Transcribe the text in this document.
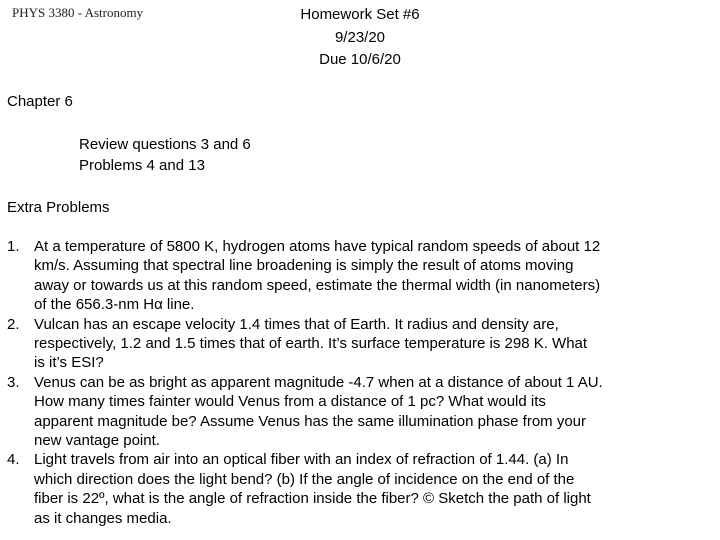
PHYS 3380 - Astronomy	Homework Set #6
9/23/20
Due 10/6/20
Chapter 6
Review questions 3 and 6
Problems 4 and 13
Extra Problems
1. At a temperature of 5800 K, hydrogen atoms have typical random speeds of about 12
km/s. Assuming that spectral line broadening is simply the result of atoms moving
away or towards us at this random speed, estimate the thermal width (in nanometers)
of the 656.3-nm Hα line.
2. Vulcan has an escape velocity 1.4 times that of Earth. It radius and density are,
respectively, 1.2 and 1.5 times that of earth. It’s surface temperature is 298 K. What
is it’s ESI?
3. Venus can be as bright as apparent magnitude -4.7 when at a distance of about 1 AU.
How many times fainter would Venus from a distance of 1 pc? What would its
apparent magnitude be? Assume Venus has the same illumination phase from your
new vantage point.
4. Light travels from air into an optical fiber with an index of refraction of 1.44. (a) In
which direction does the light bend? (b) If the angle of incidence on the end of the
fiber is 22º, what is the angle of refraction inside the fiber? © Sketch the path of light
as it changes media.
